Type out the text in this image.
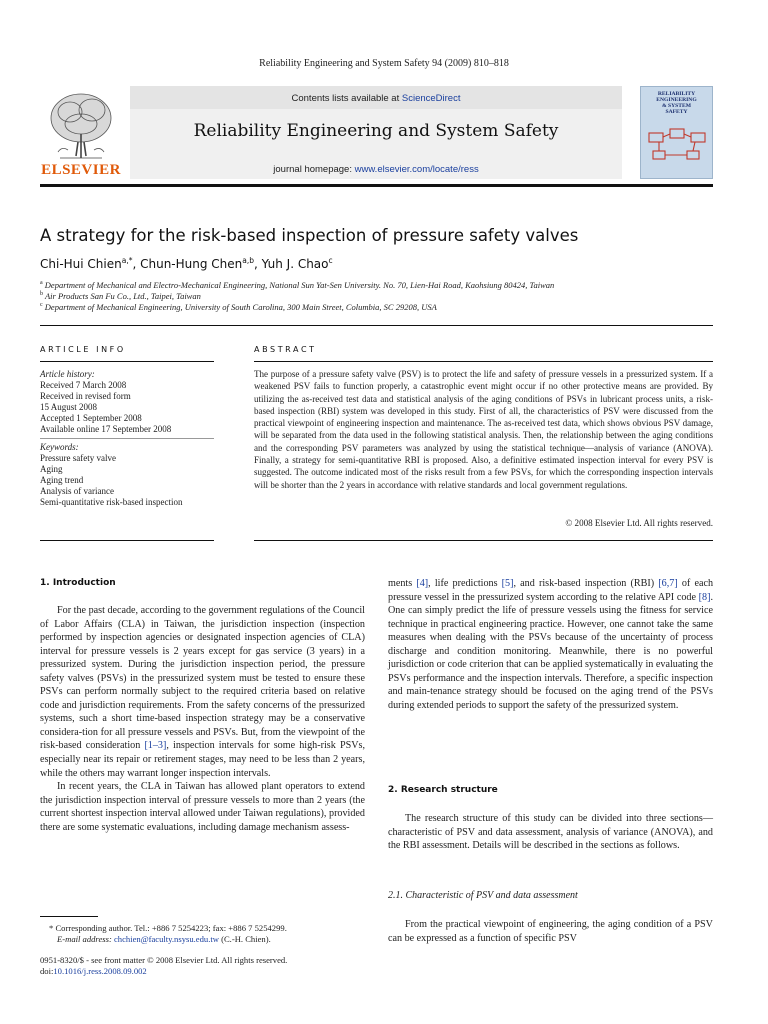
Reliability Engineering and System Safety 94 (2009) 810–818
Contents lists available at ScienceDirect
Reliability Engineering and System Safety
journal homepage: www.elsevier.com/locate/ress
ELSEVIER
RELIABILITY
ENGINEERING
& SYSTEM
SAFETY
A strategy for the risk-based inspection of pressure safety valves
Chi-Hui Chien$^{a,*}$, Chun-Hung Chen$^{a,b}$, Yuh J. Chao$^c$
$^a$ Department of Mechanical and Electro-Mechanical Engineering, National Sun Yat-Sen University. No. 70, Lien-Hai Road, Kaohsiung 80424, Taiwan
$^b$ Air Products San Fu Co., Ltd., Taipei, Taiwan
$^c$ Department of Mechanical Engineering, University of South Carolina, 300 Main Street, Columbia, SC 29208, USA
ARTICLE INFO
Article history:
Received 7 March 2008
Received in revised form
15 August 2008
Accepted 1 September 2008
Available online 17 September 2008
Keywords:
Pressure safety valve
Aging
Aging trend
Analysis of variance
Semi-quantitative risk-based inspection
ABSTRACT
The purpose of a pressure safety valve (PSV) is to protect the life and safety of pressure vessels in a pressurized system. If a weakened PSV fails to function properly, a catastrophic event might occur if no other protective means are provided. By utilizing the as-received test data and statistical analysis of the aging conditions of PSVs in lubricant process units, a risk-based inspection (RBI) system was developed in this study. First of all, the characteristics of PSV were discussed from the practical viewpoint of engineering inspection and maintenance. The as-received test data, which shows obvious PSV damage, will be separated from the data used in the following statistical analysis. Then, the relationship between the aging conditions and the corresponding PSV parameters was analyzed by using the statistical technique—analysis of variance (ANOVA). Finally, a strategy for semi-quantitative RBI is proposed. Also, a definitive estimated inspection interval for every PSV is suggested. The outcome indicated most of the risks result from a few PSVs, for which the corresponding inspection intervals will be shorter than the 2 years in accordance with relative standards and local government regulations.
© 2008 Elsevier Ltd. All rights reserved.
1. Introduction

For the past decade, according to the government regulations of the Council of Labor Affairs (CLA) in Taiwan, the jurisdiction inspection (inspection performed by inspection agencies or designated inspection agencies of CLA) interval for pressure vessels is 2 years except for gas service (3 years) in a pressurized system. During the jurisdiction inspection period, the pressure safety valves (PSVs) in the pressurized system must be tested to ensure these PSVs can perform normally subject to the required criteria based on relative code and jurisdiction requirements. From the safety concerns of the pressurized systems, such a short time-based inspection strategy may be a conservative considera-tion for all pressure vessels and PSVs. But, from the viewpoint of the risk-based consideration [1–3], inspection intervals for some high-risk PSVs, especially near its repair or retirement stages, may need to be less than 2 years, while the others may warrant longer inspection intervals.

In recent years, the CLA in Taiwan has allowed plant operators to extend the jurisdiction inspection interval of pressure vessels to more than 2 years (the current shortest inspection interval allowed under Taiwan regulations), provided there are some systematic evaluations, including damage mechanism assess-

ments [4], life predictions [5], and risk-based inspection (RBI) [6,7] of each pressure vessel in the pressurized system according to the relative API code [8]. One can simply predict the life of pressure vessels using the fitness for service technique in practical engineering practice. However, one cannot take the same measures when dealing with the PSVs because of the uncertainty of process discharge and condition monitoring. Meanwhile, there is no powerful jurisdiction or code criterion that can be applied systematically in evaluating the PSVs performance and the inspection intervals. Therefore, a specific inspection and main-tenance strategy should be focused on the aging trend of the PSVs during extended periods to support the safety of the pressurized system.

2. Research structure

The research structure of this study can be divided into three sections—characteristic of PSV and data assessment, analysis of variance (ANOVA), and the RBI assessment. Details will be described in the sections as follows.

2.1. Characteristic of PSV and data assessment

From the practical viewpoint of engineering, the aging condition of a PSV can be expressed as a function of specific PSV

* Corresponding author. Tel.: +886 7 5254223; fax: +886 7 5254299.
E-mail address: chchien@faculty.nsysu.edu.tw (C.-H. Chien).
0951-8320/$ - see front matter © 2008 Elsevier Ltd. All rights reserved.
doi:10.1016/j.ress.2008.09.002
